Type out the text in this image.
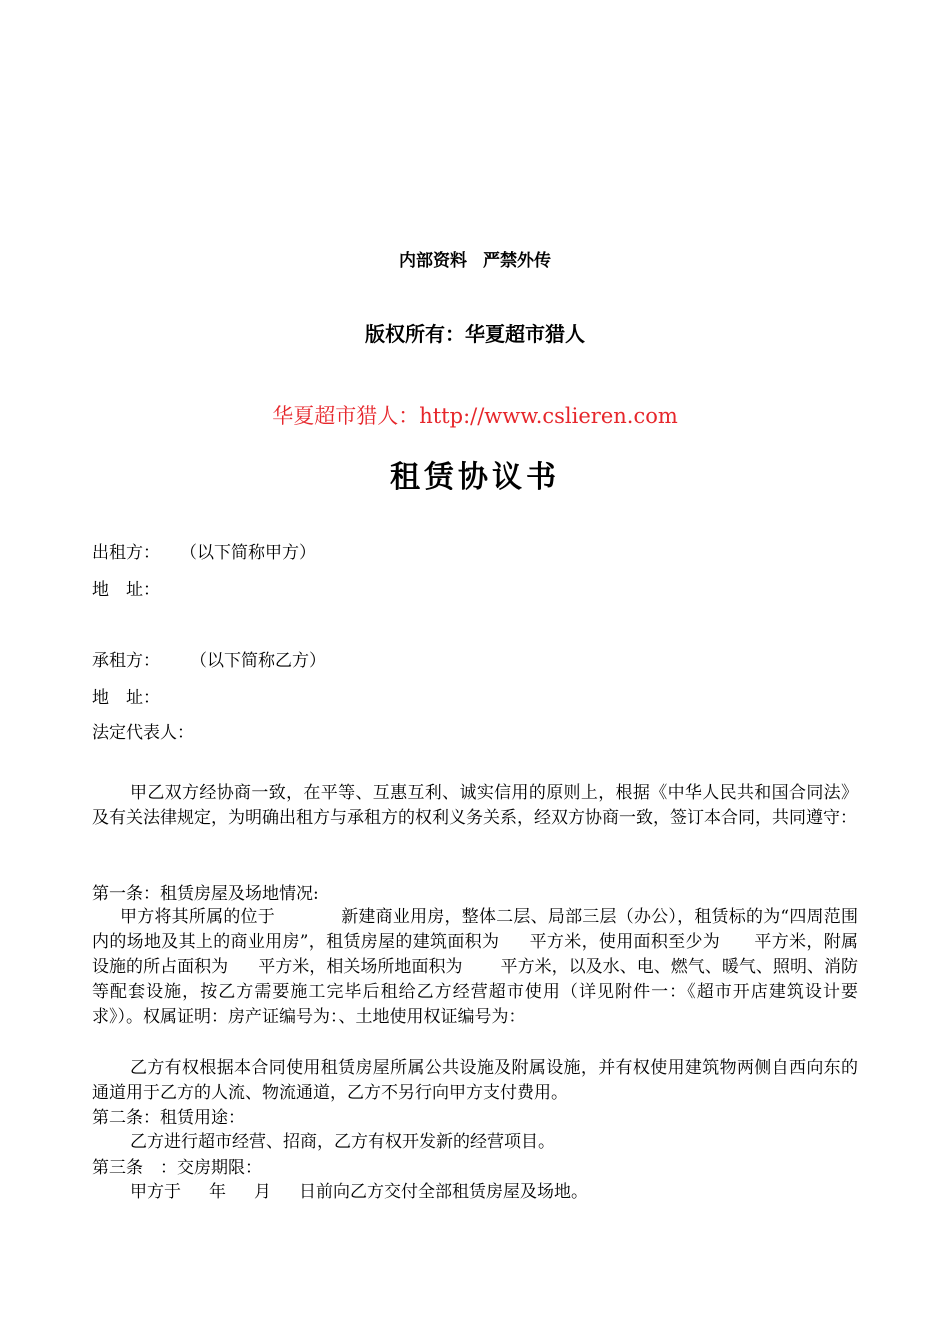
内部资料 严禁外传
版权所有：华夏超市猎人
华夏超市猎人：http://www.cslieren.com
租赁协议书
出租方： （以下简称甲方）
地　址：
承租方： （以下简称乙方）
地　址：
法定代表人：
甲乙双方经协商一致，在平等、互惠互利、诚实信用的原则上，根据《中华人民共和国合同法》及有关法律规定，为明确出租方与承租方的权利义务关系，经双方协商一致，签订本合同，共同遵守：
第一条：租赁房屋及场地情况:
甲方将其所属的位于	新建商业用房，整体二层、局部三层（办公），租赁标的为“四周范围内的场地及其上的商业用房”，租赁房屋的建筑面积为 平方米，使用面积至少为 平方米，附属设施的所占面积为 平方米，相关场所地面积为 平方米，以及水、电、燃气、暖气、照明、消防等配套设施，按乙方需要施工完毕后租给乙方经营超市使用（详见附件一：《超市开店建筑设计要求》）。权属证明：房产证编号为：、土地使用权证编号为：
乙方有权根据本合同使用租赁房屋所属公共设施及附属设施，并有权使用建筑物两侧自西向东的通道用于乙方的人流、物流通道，乙方不另行向甲方支付费用。
第二条：租赁用途：
乙方进行超市经营、招商，乙方有权开发新的经营项目。
第三条　：交房期限：
甲方于 年 月 日前向乙方交付全部租赁房屋及场地。
